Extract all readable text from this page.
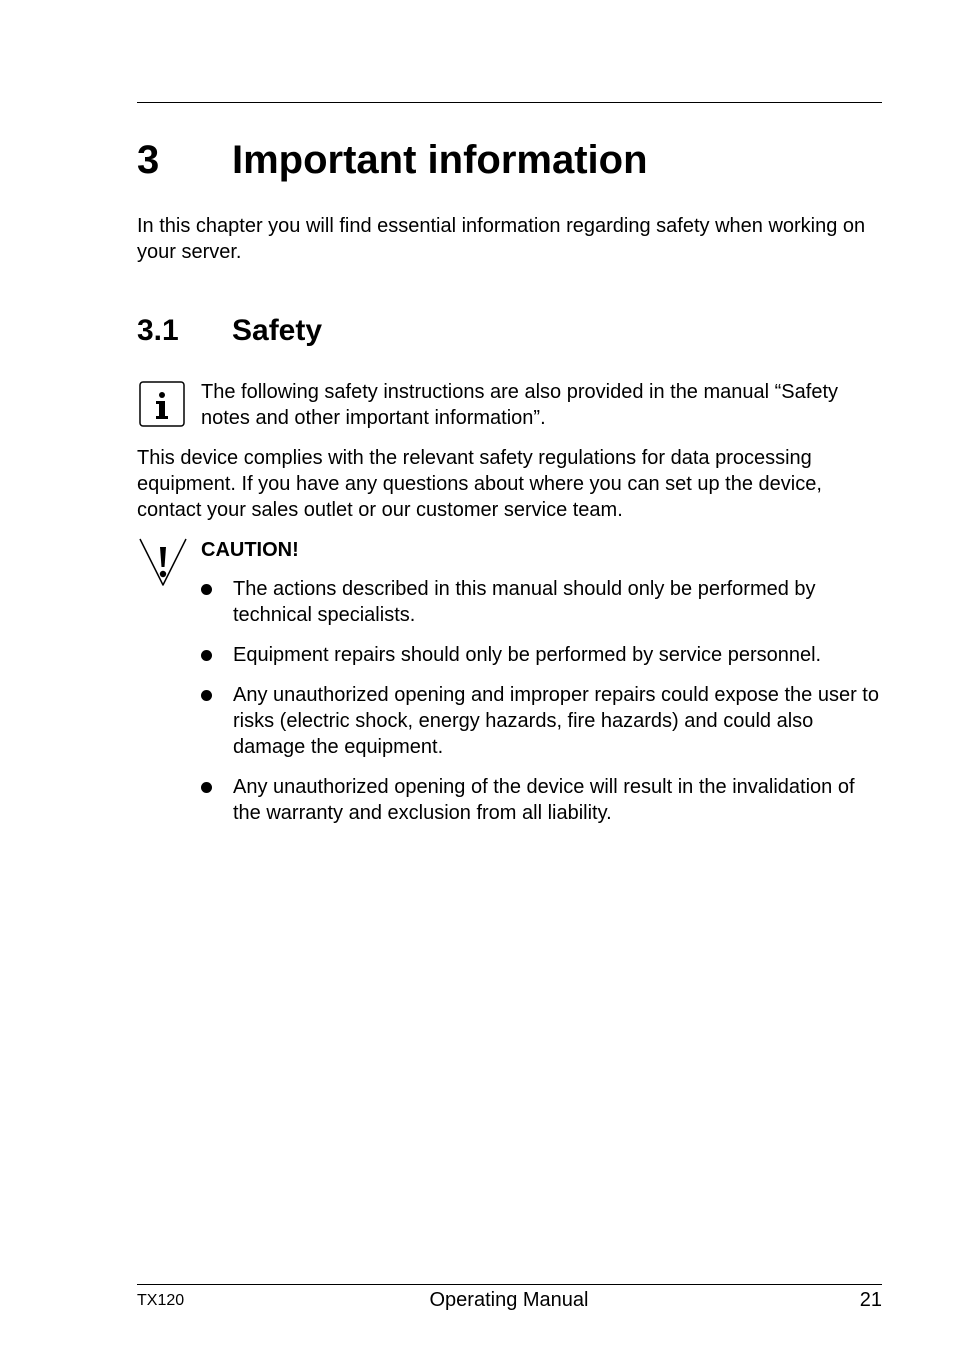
3 Important information
In this chapter you will find essential information regarding safety when working on your server.
3.1 Safety
The following safety instructions are also provided in the manual “Safety notes and other important information”.
This device complies with the relevant safety regulations for data processing equipment. If you have any questions about where you can set up the device, contact your sales outlet or our customer service team.
CAUTION!
The actions described in this manual should only be performed by technical specialists.
Equipment repairs should only be performed by service personnel.
Any unauthorized opening and improper repairs could expose the user to risks (electric shock, energy hazards, fire hazards) and could also damage the equipment.
Any unauthorized opening of the device will result in the invalidation of the warranty and exclusion from all liability.
TX120	Operating Manual	21
